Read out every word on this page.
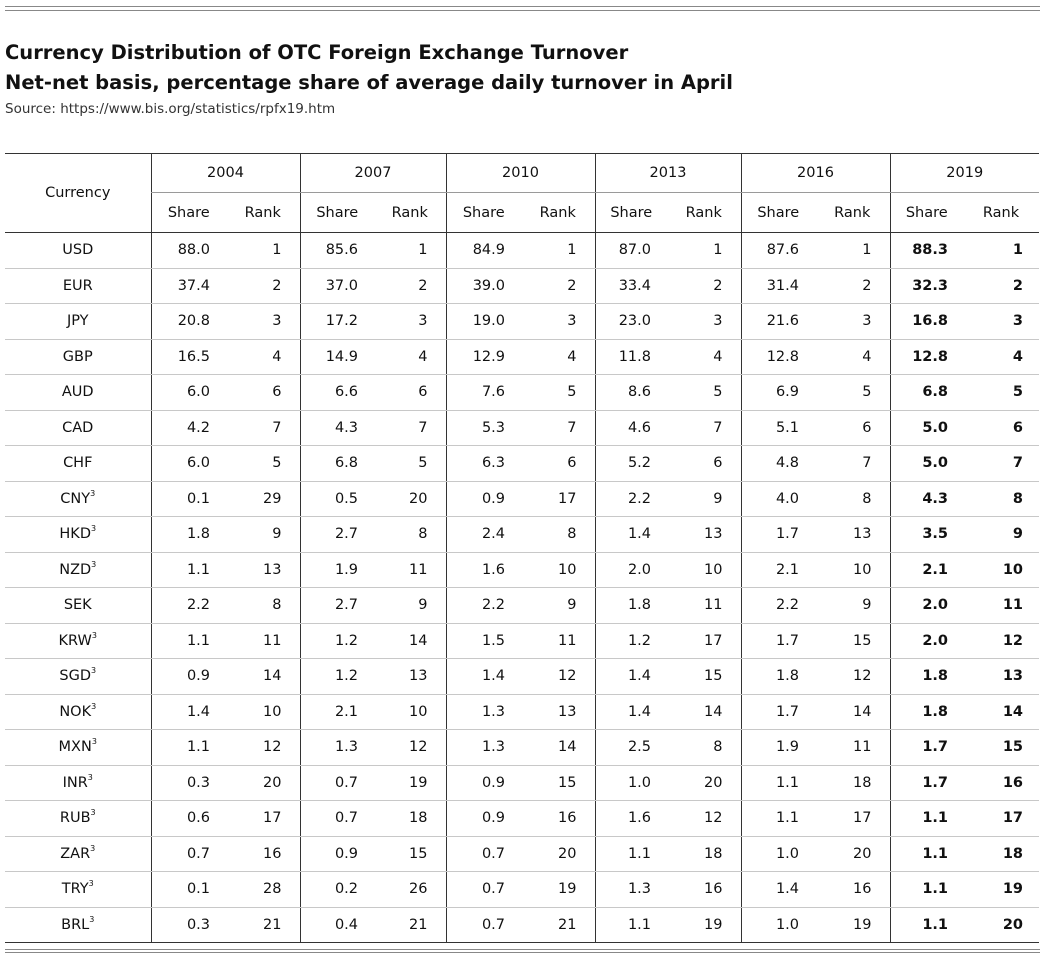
Currency Distribution of OTC Foreign Exchange Turnover
Net-net basis, percentage share of average daily turnover in April
Source: https://www.bis.org/statistics/rpfx19.htm
Currency	2004		2007		2010		2013		2016		2019	
	Share	Rank	Share	Rank	Share	Rank	Share	Rank	Share	Rank	Share	Rank
USD	88.0	1	85.6	1	84.9	1	87.0	1	87.6	1	88.3	1
EUR	37.4	2	37.0	2	39.0	2	33.4	2	31.4	2	32.3	2
JPY	20.8	3	17.2	3	19.0	3	23.0	3	21.6	3	16.8	3
GBP	16.5	4	14.9	4	12.9	4	11.8	4	12.8	4	12.8	4
AUD	6.0	6	6.6	6	7.6	5	8.6	5	6.9	5	6.8	5
CAD	4.2	7	4.3	7	5.3	7	4.6	7	5.1	6	5.0	6
CHF	6.0	5	6.8	5	6.3	6	5.2	6	4.8	7	5.0	7
CNY$^3$	0.1	29	0.5	20	0.9	17	2.2	9	4.0	8	4.3	8
HKD$^3$	1.8	9	2.7	8	2.4	8	1.4	13	1.7	13	3.5	9
NZD$^3$	1.1	13	1.9	11	1.6	10	2.0	10	2.1	10	2.1	10
SEK	2.2	8	2.7	9	2.2	9	1.8	11	2.2	9	2.0	11
KRW$^3$	1.1	11	1.2	14	1.5	11	1.2	17	1.7	15	2.0	12
SGD$^3$	0.9	14	1.2	13	1.4	12	1.4	15	1.8	12	1.8	13
NOK$^3$	1.4	10	2.1	10	1.3	13	1.4	14	1.7	14	1.8	14
MXN$^3$	1.1	12	1.3	12	1.3	14	2.5	8	1.9	11	1.7	15
INR$^3$	0.3	20	0.7	19	0.9	15	1.0	20	1.1	18	1.7	16
RUB$^3$	0.6	17	0.7	18	0.9	16	1.6	12	1.1	17	1.1	17
ZAR$^3$	0.7	16	0.9	15	0.7	20	1.1	18	1.0	20	1.1	18
TRY$^3$	0.1	28	0.2	26	0.7	19	1.3	16	1.4	16	1.1	19
BRL$^3$	0.3	21	0.4	21	0.7	21	1.1	19	1.0	19	1.1	20
